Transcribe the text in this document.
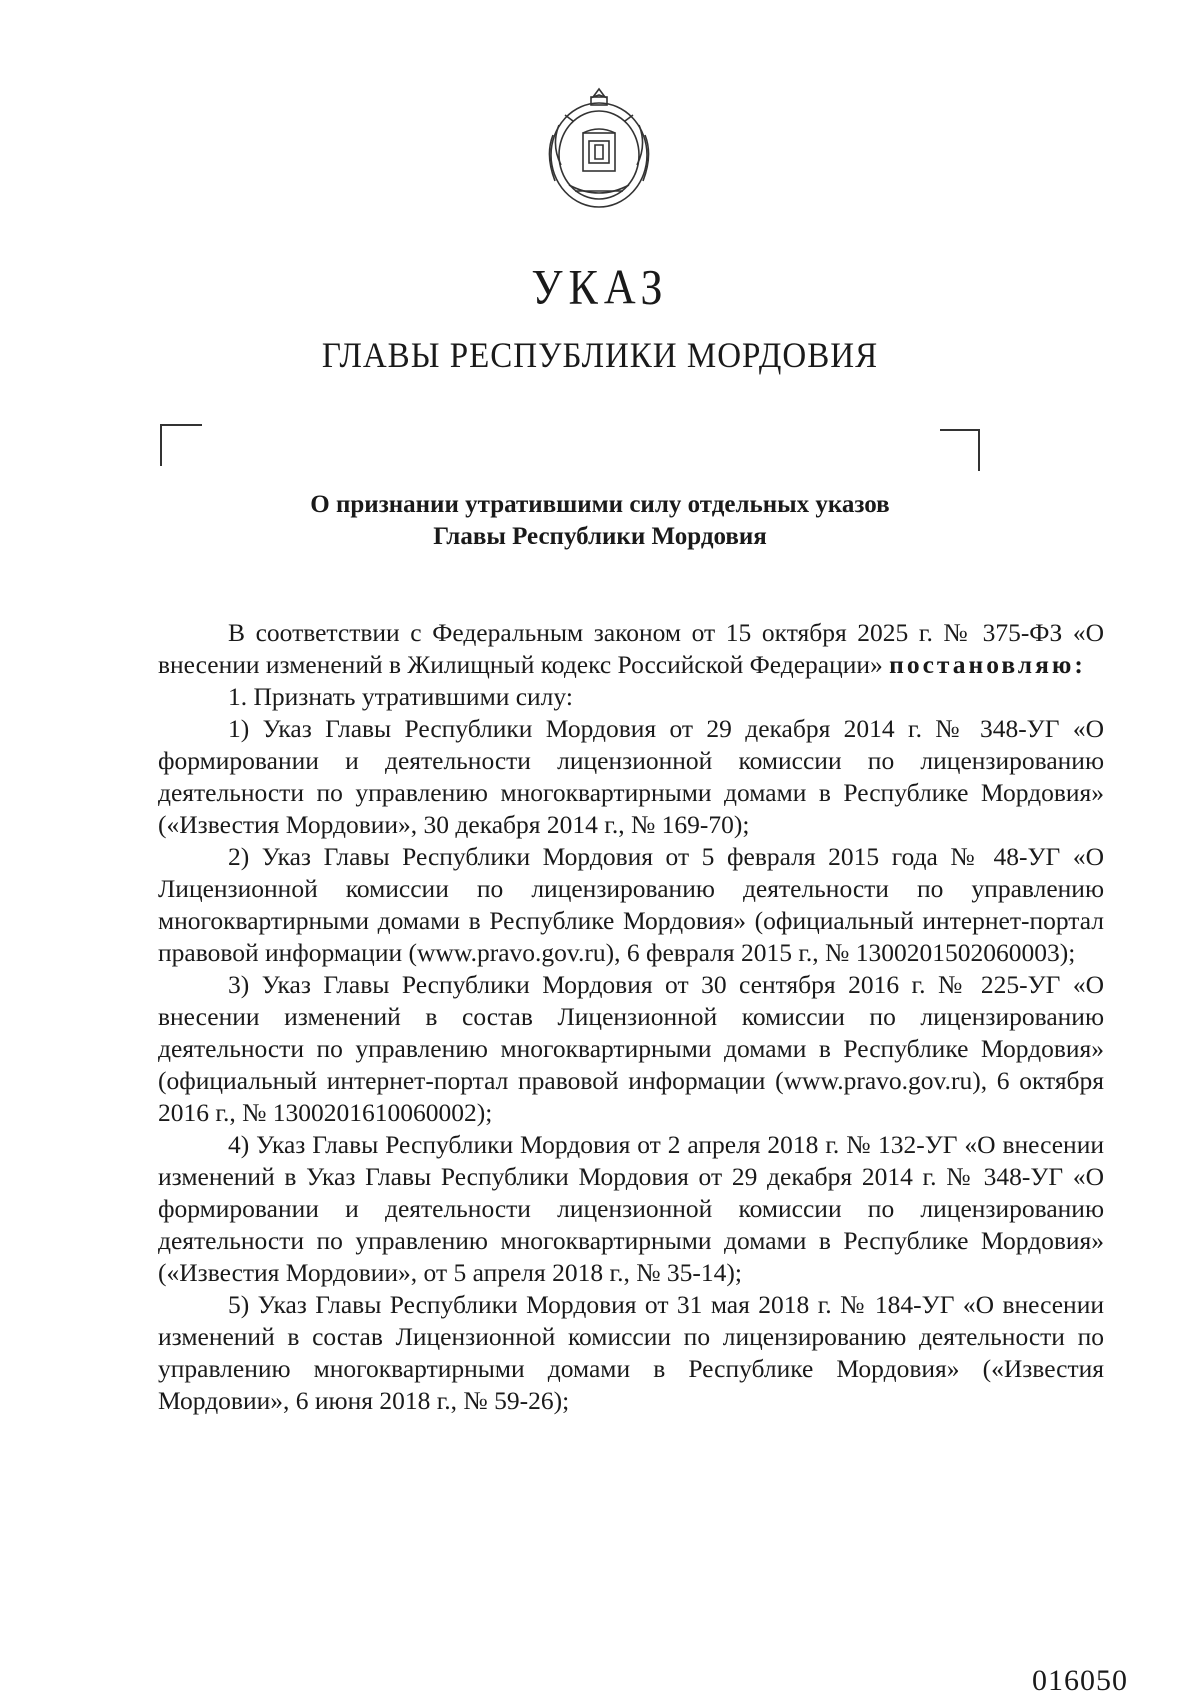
УКАЗ
ГЛАВЫ РЕСПУБЛИКИ МОРДОВИЯ
О признании утратившими силу отдельных указов
Главы Республики Мордовия

В соответствии с Федеральным законом от 15 октября 2025 г. № 375-ФЗ «О внесении изменений в Жилищный кодекс Российской Федерации» постановляю:

1. Признать утратившими силу:

1) Указ Главы Республики Мордовия от 29 декабря 2014 г. № 348-УГ «О формировании и деятельности лицензионной комиссии по лицензированию деятельности по управлению многоквартирными домами в Республике Мордовия» («Известия Мордовии», 30 декабря 2014 г., № 169-70);

2) Указ Главы Республики Мордовия от 5 февраля 2015 года № 48-УГ «О Лицензионной комиссии по лицензированию деятельности по управлению многоквартирными домами в Республике Мордовия» (официальный интернет-портал правовой информации (www.pravo.gov.ru), 6 февраля 2015 г., № 1300201502060003);

3) Указ Главы Республики Мордовия от 30 сентября 2016 г. № 225-УГ «О внесении изменений в состав Лицензионной комиссии по лицензированию деятельности по управлению многоквартирными домами в Республике Мордовия» (официальный интернет-портал правовой информации (www.pravo.gov.ru), 6 октября 2016 г., № 1300201610060002);

4) Указ Главы Республики Мордовия от 2 апреля 2018 г. № 132-УГ «О внесении изменений в Указ Главы Республики Мордовия от 29 декабря 2014 г. № 348-УГ «О формировании и деятельности лицензионной комиссии по лицензированию деятельности по управлению многоквартирными домами в Республике Мордовия» («Известия Мордовии», от 5 апреля 2018 г., № 35-14);

5) Указ Главы Республики Мордовия от 31 мая 2018 г. № 184-УГ «О внесении изменений в состав Лицензионной комиссии по лицензированию деятельности по управлению многоквартирными домами в Республике Мордовия» («Известия Мордовии», 6 июня 2018 г., № 59-26);

016050
